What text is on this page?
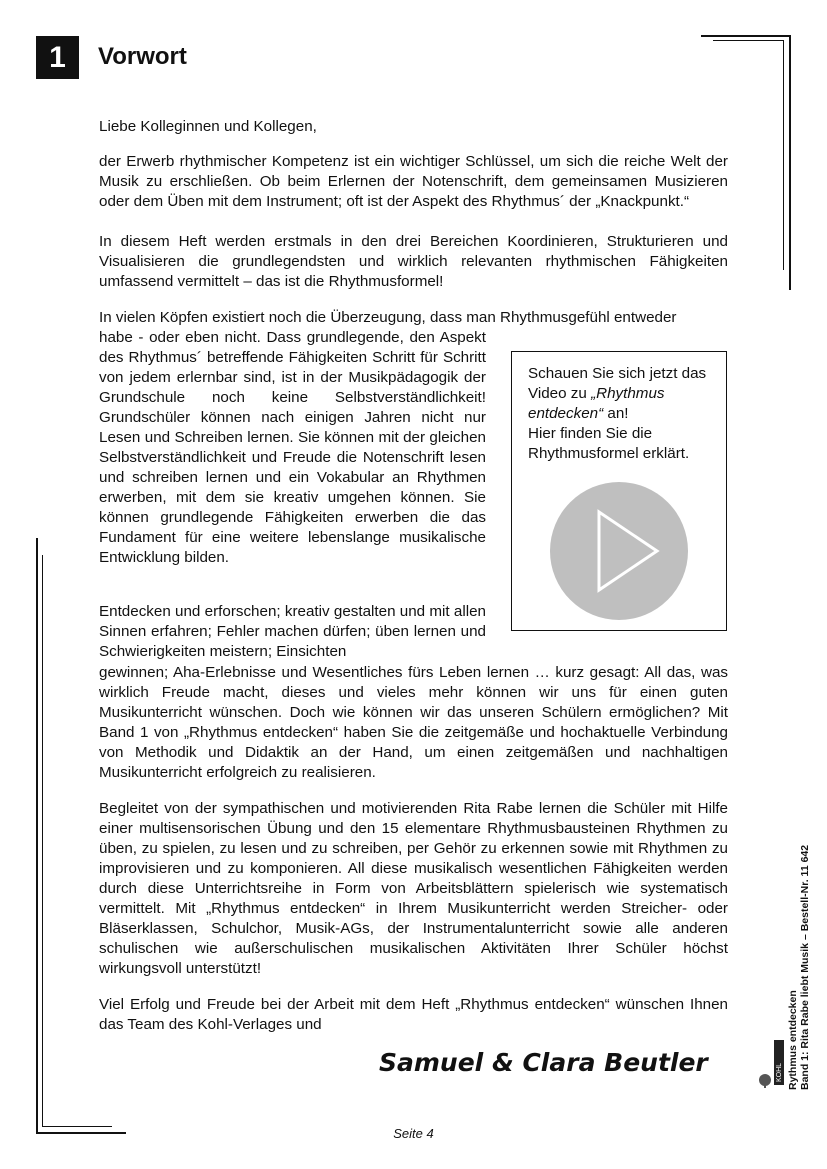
1	Vorwort
Liebe Kolleginnen und Kollegen,
der Erwerb rhythmischer Kompetenz ist ein wichtiger Schlüssel, um sich die reiche Welt der Musik zu erschließen. Ob beim Erlernen der Notenschrift, dem gemeinsamen Musizieren oder dem Üben mit dem Instrument; oft ist der Aspekt des Rhythmus´ der „Knackpunkt.“
In diesem Heft werden erstmals in den drei Bereichen Koordinieren, Strukturieren und Visualisieren die grundlegendsten und wirklich relevanten rhythmischen Fähigkeiten umfassend vermittelt – das ist die Rhythmusformel!
In vielen Köpfen existiert noch die Überzeugung, dass man Rhythmusgefühl entweder
habe - oder eben nicht. Dass grundlegende, den Aspekt des Rhythmus´ betreffende Fähigkeiten Schritt für Schritt von jedem erlernbar sind, ist in der Musikpädagogik der Grundschule noch keine Selbstverständlichkeit! Grundschüler können nach einigen Jahren nicht nur Lesen und Schreiben lernen. Sie können mit der gleichen Selbstverständlichkeit und Freude die Notenschrift lesen und schreiben lernen und ein Vokabular an Rhythmen erwerben, mit dem sie kreativ umgehen können. Sie können grundlegende Fähigkeiten erwerben die das Fundament für eine weitere lebenslange musikalische Entwicklung bilden.
Entdecken und erforschen; kreativ gestalten und mit allen Sinnen erfahren; Fehler machen dürfen; üben lernen und Schwierigkeiten meistern; Einsichten
gewinnen; Aha-Erlebnisse und Wesentliches fürs Leben lernen … kurz gesagt: All das, was wirklich Freude macht, dieses und vieles mehr können wir uns für einen guten Musikunterricht wünschen. Doch wie können wir das unseren Schülern ermöglichen? Mit Band 1 von „Rhythmus entdecken“ haben Sie die zeitgemäße und hochaktuelle Verbindung von Methodik und Didaktik an der Hand, um einen zeitgemäßen und nachhaltigen Musikunterricht erfolgreich zu realisieren.
Begleitet von der sympathischen und motivierenden Rita Rabe lernen die Schüler mit Hilfe einer multisensorischen Übung und den 15 elementare Rhythmusbausteinen Rhythmen zu üben, zu spielen, zu lesen und zu schreiben, per Gehör zu erkennen sowie mit Rhythmen zu improvisieren und zu komponieren. All diese musikalisch wesentlichen Fähigkeiten werden durch diese Unterrichtsreihe in Form von Arbeitsblättern spielerisch wie systematisch vermittelt. Mit „Rhythmus entdecken“ in Ihrem Musikunterricht werden Streicher- oder Bläserklassen, Schulchor, Musik-AGs, der Instrumentalunterricht sowie alle anderen schulischen wie außerschulischen musikalischen Aktivitäten Ihrer Schüler höchst wirkungsvoll unterstützt!
Viel Erfolg und Freude bei der Arbeit mit dem Heft „Rhythmus entdecken“ wünschen Ihnen das Team des Kohl-Verlages und
Schauen Sie sich jetzt das Video zu „Rhythmus entdecken“ an!
Hier finden Sie die Rhythmusformel erklärt.
Samuel & Clara Beutler	Rythmus entdecken Band 1: Rita Rabe liebt Musik – Bestell-Nr. 11 642
KOHL
Seite 4
